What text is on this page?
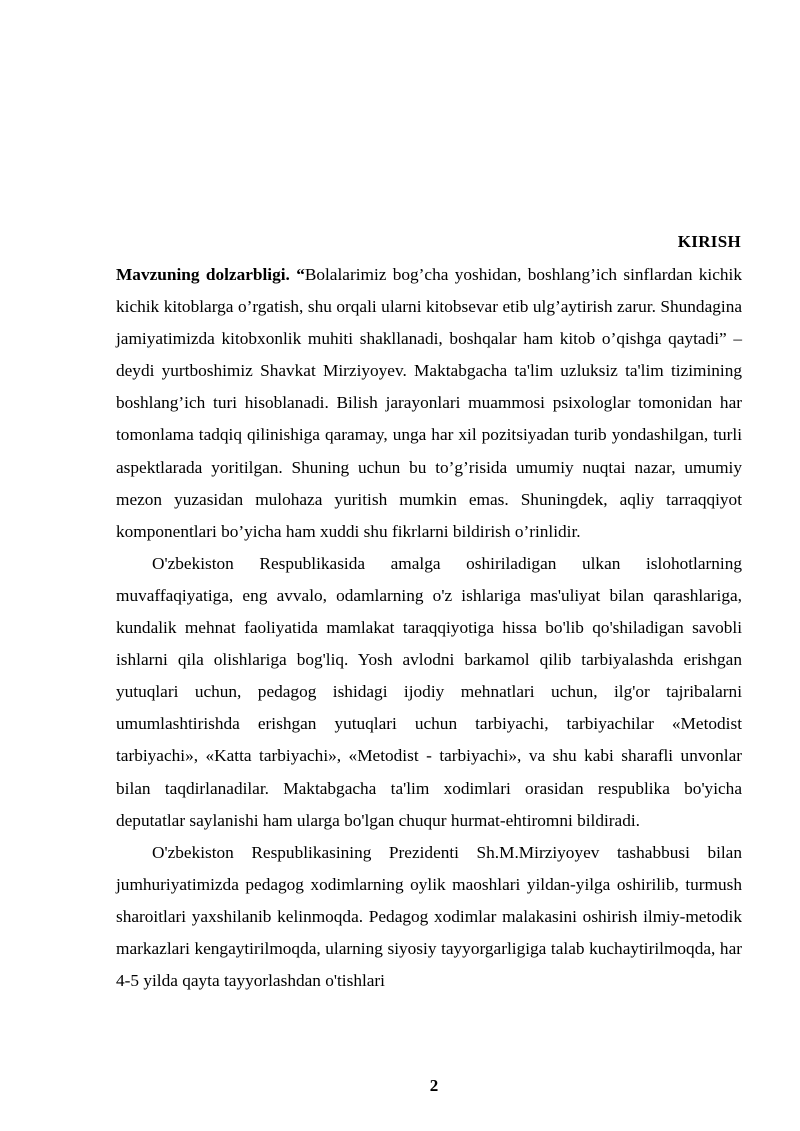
KIRISH

Mavzuning dolzarbligi. “Bolalarimiz bog’cha yoshidan, boshlang’ich sinflardan kichik kichik kitoblarga o’rgatish, shu orqali ularni kitobsevar etib ulg’aytirish zarur. Shundagina jamiyatimizda kitobxonlik muhiti shakllanadi, boshqalar ham kitob o’qishga qaytadi” – deydi yurtboshimiz Shavkat Mirziyoyev. Maktabgacha ta'lim uzluksiz ta'lim tizimining boshlang’ich turi hisoblanadi. Bilish jarayonlari muammosi psixologlar tomonidan har tomonlama tadqiq qilinishiga qaramay, unga har xil pozitsiyadan turib yondashilgan, turli aspektlarada yoritilgan. Shuning uchun bu to’g’risida umumiy nuqtai nazar, umumiy mezon yuzasidan mulohaza yuritish mumkin emas. Shuningdek, aqliy tarraqqiyot komponentlari bo’yicha ham xuddi shu fikrlarni bildirish o’rinlidir.

O'zbekiston Respublikasida amalga oshiriladigan ulkan islohotlarning muvaffaqiyatiga, eng avvalo, odamlarning o'z ishlariga mas'uliyat bilan qarashlariga, kundalik mehnat faoliyatida mamlakat taraqqiyotiga hissa bo'lib qo'shiladigan savobli ishlarni qila olishlariga bog'liq. Yosh avlodni barkamol qilib tarbiyalashda erishgan yutuqlari uchun, pedagog ishidagi ijodiy mehnatlari uchun, ilg'or tajribalarni umumlashtirishda erishgan yutuqlari uchun tarbiyachi, tarbiyachilar «Metodist tarbiyachi», «Katta tarbiyachi», «Metodist - tarbiyachi», va shu kabi sharafli unvonlar bilan taqdirlanadilar. Maktabgacha ta'lim xodimlari orasidan respublika bo'yicha deputatlar saylanishi ham ularga bo'lgan chuqur hurmat-ehtiromni bildiradi.

O'zbekiston Respublikasining Prezidenti Sh.M.Mirziyoyev tashabbusi bilan jumhuriyatimizda pedagog xodimlarning oylik maoshlari yildan-yilga oshirilib, turmush sharoitlari yaxshilanib kelinmoqda. Pedagog xodimlar malakasini oshirish ilmiy-metodik markazlari kengaytirilmoqda, ularning siyosiy tayyorgarligiga talab kuchaytirilmoqda, har 4-5 yilda qayta tayyorlashdan o'tishlari

2
